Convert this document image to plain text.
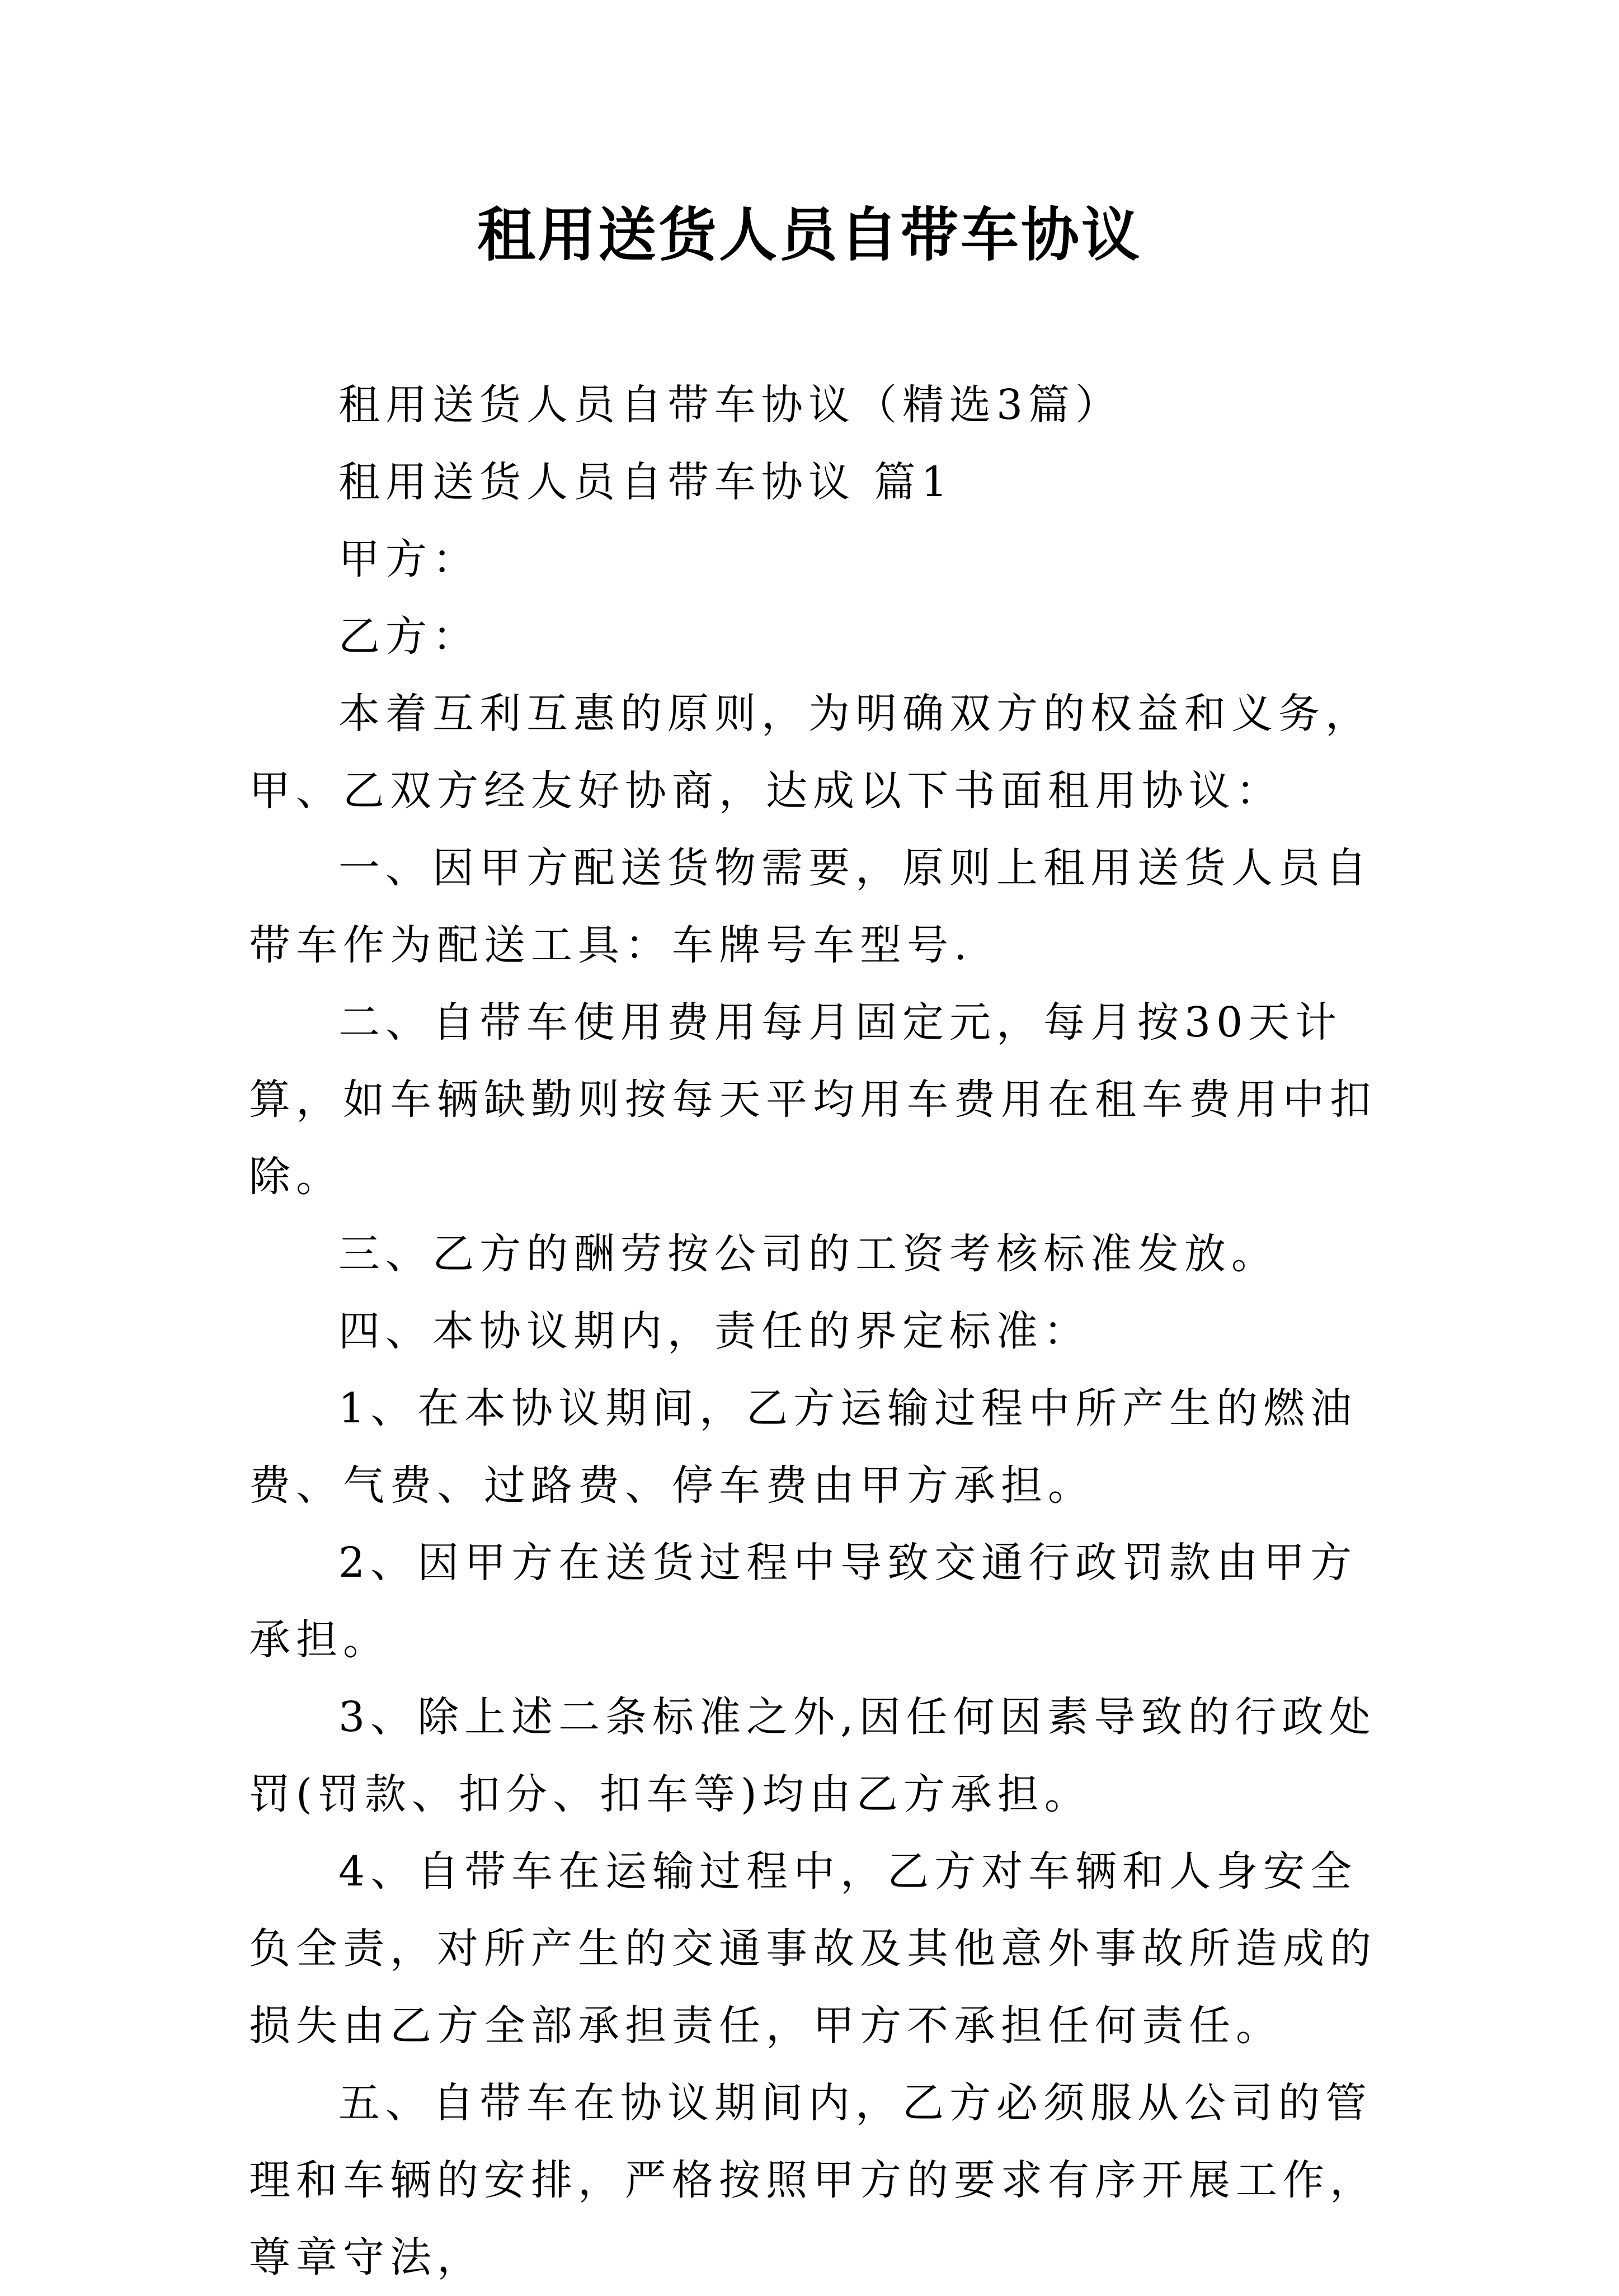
租用送货人员自带车协议

租用送货人员自带车协议（精选3篇）

租用送货人员自带车协议 篇1

甲方：

乙方：

本着互利互惠的原则，为明确双方的权益和义务，甲、乙双方经友好协商，达成以下书面租用协议：

一、因甲方配送货物需要，原则上租用送货人员自带车作为配送工具：车牌号车型号.

二、自带车使用费用每月固定元，每月按30天计算，如车辆缺勤则按每天平均用车费用在租车费用中扣除。

三、乙方的酬劳按公司的工资考核标准发放。

四、本协议期内，责任的界定标准：

1、在本协议期间，乙方运输过程中所产生的燃油费、气费、过路费、停车费由甲方承担。

2、因甲方在送货过程中导致交通行政罚款由甲方承担。

3、除上述二条标准之外,因任何因素导致的行政处罚(罚款、扣分、扣车等)均由乙方承担。

4、自带车在运输过程中，乙方对车辆和人身安全负全责，对所产生的交通事故及其他意外事故所造成的损失由乙方全部承担责任，甲方不承担任何责任。

五、自带车在协议期间内，乙方必须服从公司的管理和车辆的安排，严格按照甲方的要求有序开展工作，尊章守法，
